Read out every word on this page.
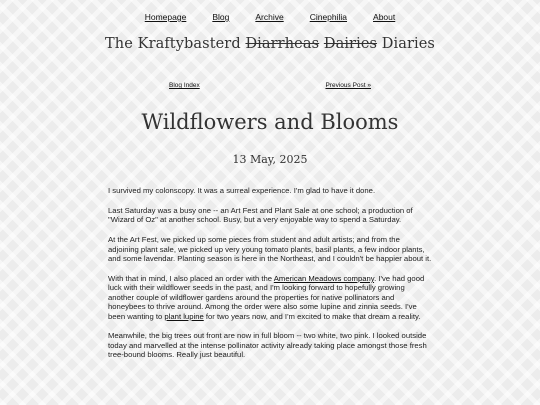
Homepage	Blog	Archive	Cinephilia	About
The Kraftybasterd Diarrheas Dairies Diaries
Blog Index	Previous Post »
Wildflowers and Blooms
13 May, 2025

I survived my colonscopy. It was a surreal experience. I'm glad to have it done.

Last Saturday was a busy one -- an Art Fest and Plant Sale at one school; a production of "Wizard of Oz" at another school. Busy, but a very enjoyable way to spend a Saturday.

At the Art Fest, we picked up some pieces from student and adult artists; and from the adjoining plant sale, we picked up very young tomato plants, basil plants, a few indoor plants, and some lavendar. Planting season is here in the Northeast, and I couldn't be happier about it.

With that in mind, I also placed an order with the American Meadows company. I've had good luck with their wildflower seeds in the past, and I'm looking forward to hopefully growing another couple of wildflower gardens around the properties for native pollinators and honeybees to thrive around. Among the order were also some lupine and zinnia seeds. I've been wanting to plant lupine for two years now, and I'm excited to make that dream a reality.

Meanwhile, the big trees out front are now in full bloom -- two white, two pink. I looked outside today and marvelled at the intense pollinator activity already taking place amongst those fresh tree-bound blooms. Really just beautiful.
